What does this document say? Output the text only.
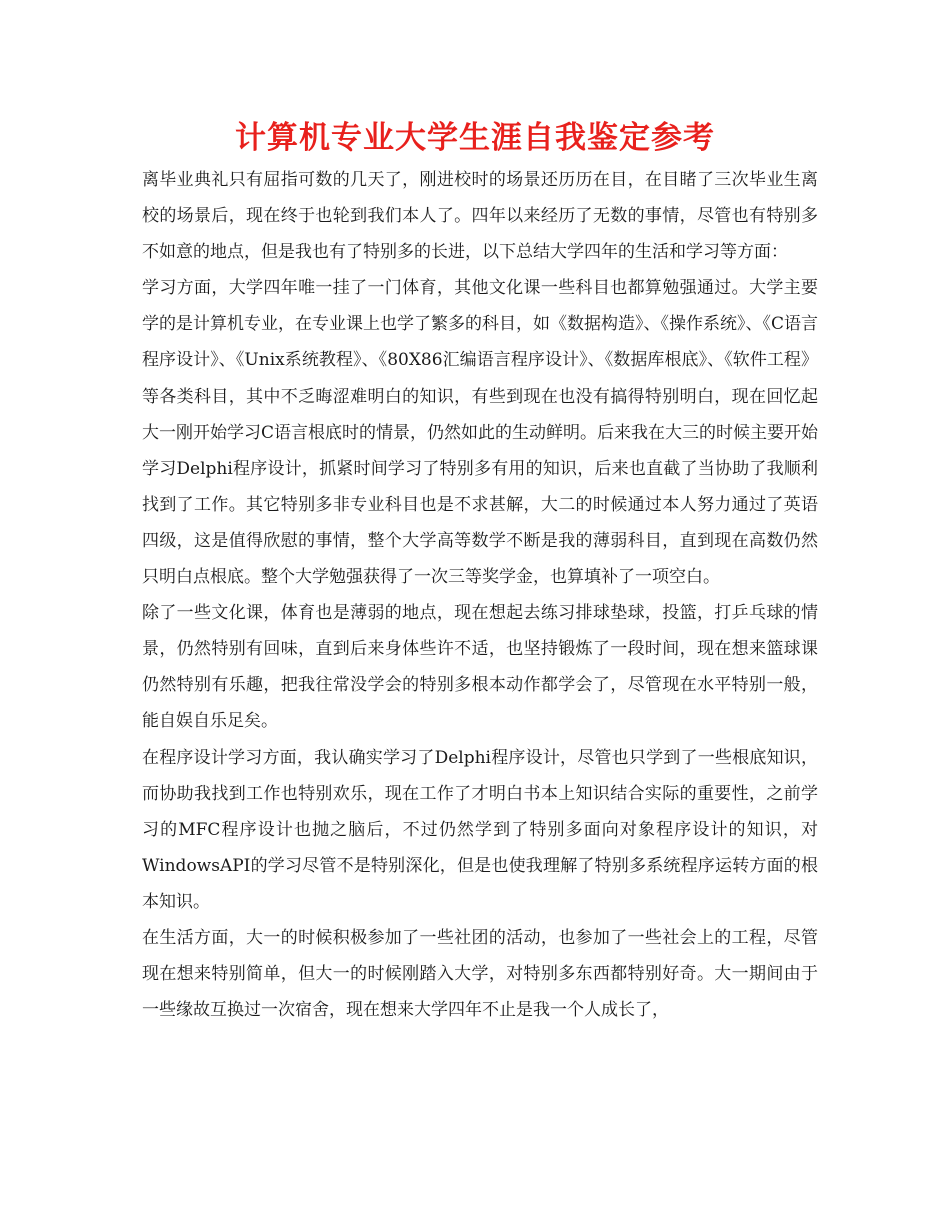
计算机专业大学生涯自我鉴定参考

离毕业典礼只有屈指可数的几天了，刚进校时的场景还历历在目，在目睹了三次毕业生离校的场景后，现在终于也轮到我们本人了。四年以来经历了无数的事情，尽管也有特别多不如意的地点，但是我也有了特别多的长进，以下总结大学四年的生活和学习等方面：

学习方面，大学四年唯一挂了一门体育，其他文化课一些科目也都算勉强通过。大学主要学的是计算机专业，在专业课上也学了繁多的科目，如《数据构造》、《操作系统》、《C语言程序设计》、《Unix系统教程》、《80X86汇编语言程序设计》、《数据库根底》、《软件工程》等各类科目，其中不乏晦涩难明白的知识，有些到现在也没有搞得特别明白，现在回忆起大一刚开始学习C语言根底时的情景，仍然如此的生动鲜明。后来我在大三的时候主要开始学习Delphi程序设计，抓紧时间学习了特别多有用的知识，后来也直截了当协助了我顺利找到了工作。其它特别多非专业科目也是不求甚解，大二的时候通过本人努力通过了英语四级，这是值得欣慰的事情，整个大学高等数学不断是我的薄弱科目，直到现在高数仍然只明白点根底。整个大学勉强获得了一次三等奖学金，也算填补了一项空白。

除了一些文化课，体育也是薄弱的地点，现在想起去练习排球垫球，投篮，打乒乓球的情景，仍然特别有回味，直到后来身体些许不适，也坚持锻炼了一段时间，现在想来篮球课仍然特别有乐趣，把我往常没学会的特别多根本动作都学会了，尽管现在水平特别一般，能自娱自乐足矣。

在程序设计学习方面，我认确实学习了Delphi程序设计，尽管也只学到了一些根底知识，而协助我找到工作也特别欢乐，现在工作了才明白书本上知识结合实际的重要性，之前学习的MFC程序设计也抛之脑后，不过仍然学到了特别多面向对象程序设计的知识，对WindowsAPI的学习尽管不是特别深化，但是也使我理解了特别多系统程序运转方面的根本知识。

在生活方面，大一的时候积极参加了一些社团的活动，也参加了一些社会上的工程，尽管现在想来特别简单，但大一的时候刚踏入大学，对特别多东西都特别好奇。大一期间由于一些缘故互换过一次宿舍，现在想来大学四年不止是我一个人成长了，
